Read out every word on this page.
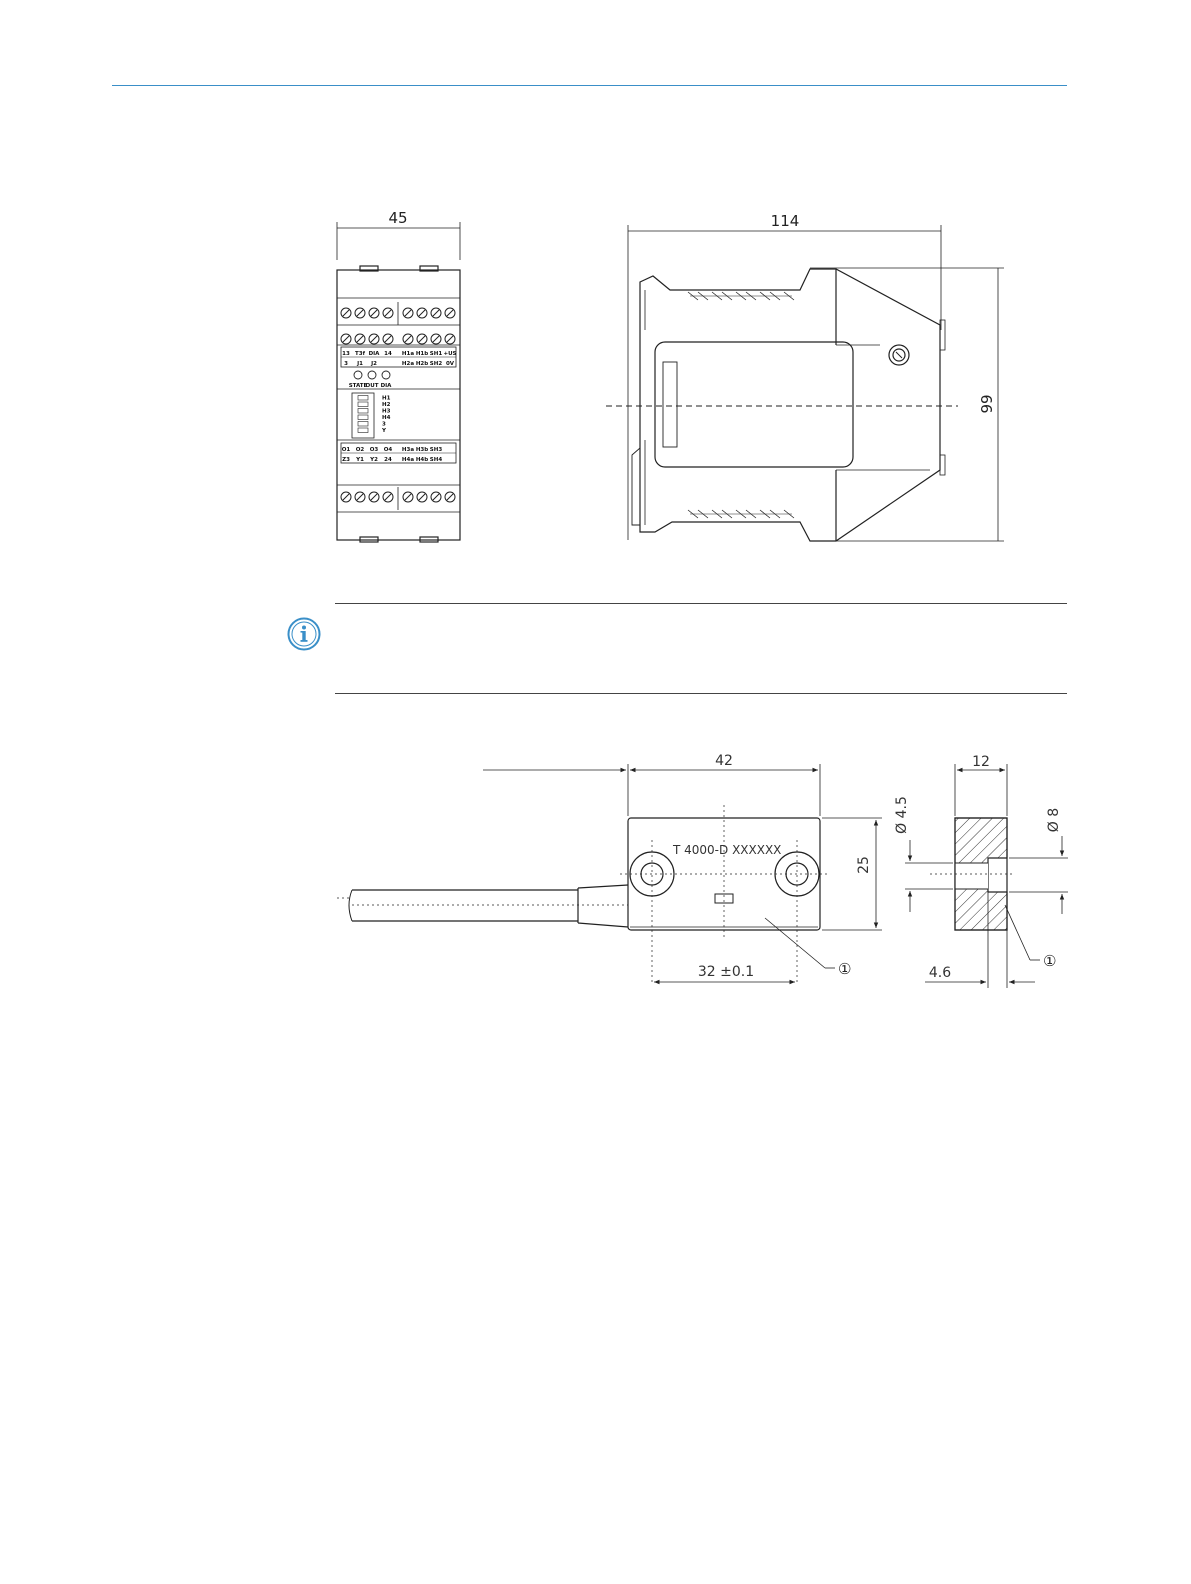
13 T3f DIA 14 H1a H1b SH1 +US
3 J1 J2	H2a H2b SH2 0V
O1 O2 O3 O4 H3a H3b SH3
Z3 Y1 Y2 24 H4a H4b SH4
STATE
OUT DIA
H1
H2
H3
H4
3
Y
45	114
99
42
25
32 ±0.1
T 4000-D XXXXXX
①
12
Ø 4.5	Ø 8
4.6
①
